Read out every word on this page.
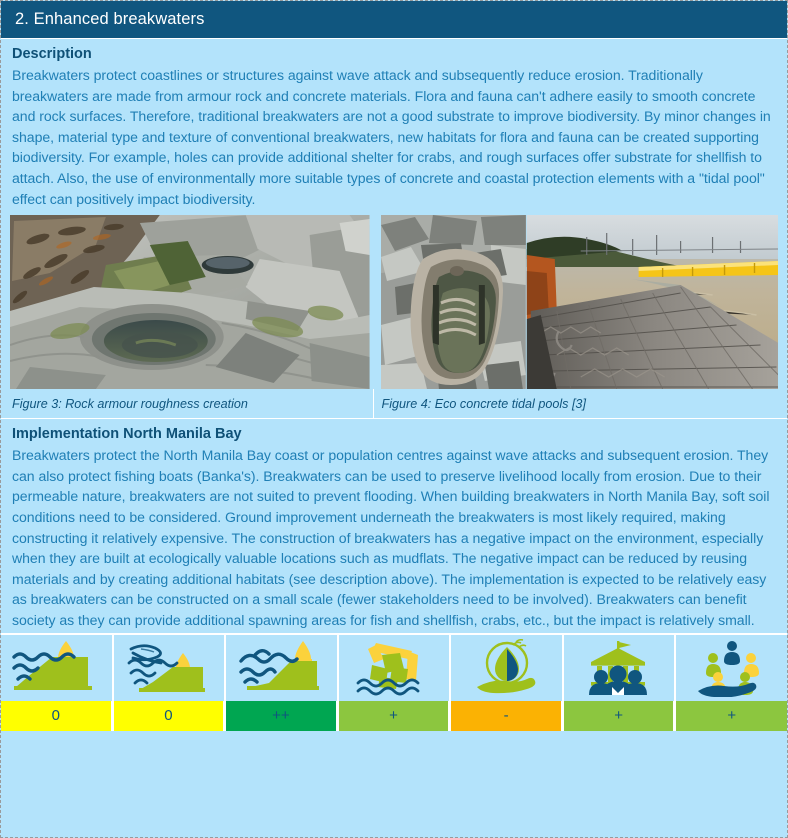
2. Enhanced breakwaters
Description
Breakwaters protect coastlines or structures against wave attack and subsequently reduce erosion. Traditionally breakwaters are made from armour rock and concrete materials. Flora and fauna can't adhere easily to smooth concrete and rock surfaces. Therefore, traditional breakwaters are not a good substrate to improve biodiversity. By minor changes in shape, material type and texture of conventional breakwaters, new habitats for flora and fauna can be created supporting biodiversity. For example, holes can provide additional shelter for crabs, and rough surfaces offer substrate for shellfish to attach. Also, the use of environmentally more suitable types of concrete and coastal protection elements with a "tidal pool" effect can positively impact biodiversity.
Figure 3: Rock armour roughness creation	Figure 4: Eco concrete tidal pools [3]
Implementation North Manila Bay
Breakwaters protect the North Manila Bay coast or population centres against wave attacks and subsequent erosion. They can also protect fishing boats (Banka's). Breakwaters can be used to preserve livelihood locally from erosion. Due to their permeable nature, breakwaters are not suited to prevent flooding. When building breakwaters in North Manila Bay, soft soil conditions need to be considered. Ground improvement underneath the breakwaters is most likely required, making constructing it relatively expensive. The construction of breakwaters has a negative impact on the environment, especially when they are built at ecologically valuable locations such as mudflats. The negative impact can be reduced by reusing materials and by creating additional habitats (see description above). The implementation is expected to be relatively easy as breakwaters can be constructed on a small scale (fewer stakeholders need to be involved). Breakwaters can benefit society as they can provide additional spawning areas for fish and shellfish, crabs, etc., but the impact is relatively small.
0	0	++	+	-	+	+
